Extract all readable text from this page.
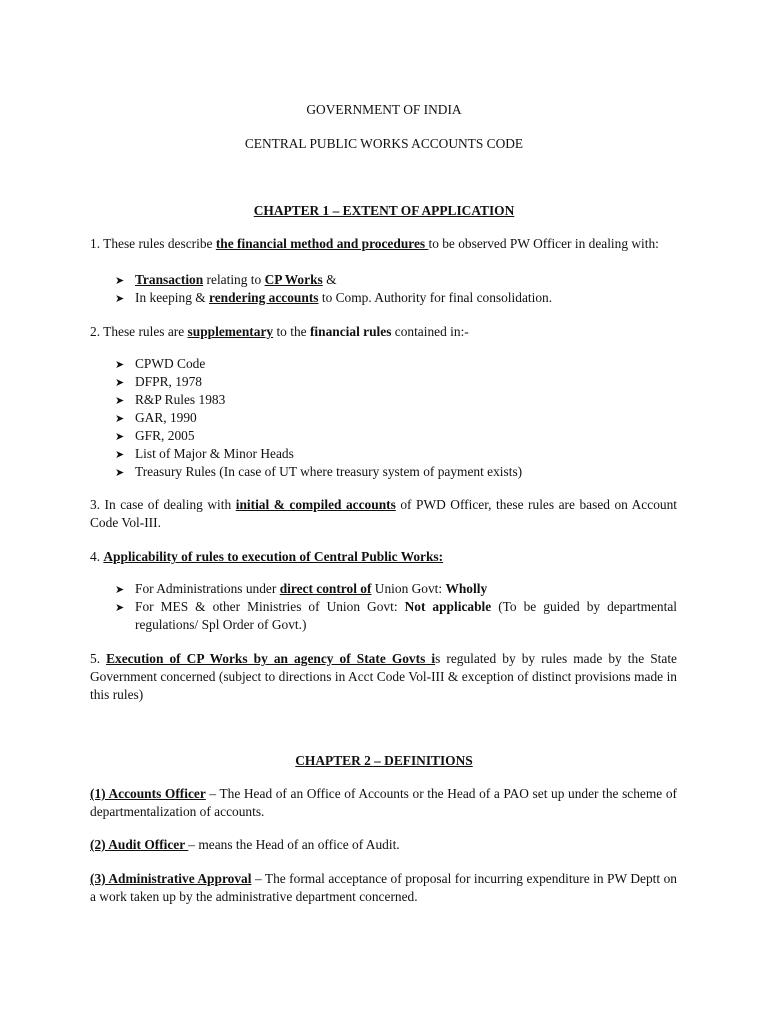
GOVERNMENT OF INDIA
CENTRAL PUBLIC WORKS ACCOUNTS CODE
CHAPTER 1 – EXTENT OF APPLICATION
1. These rules describe the financial method and procedures to be observed PW Officer in dealing with:
➤ Transaction relating to CP Works &
➤ In keeping & rendering accounts to Comp. Authority for final consolidation.
2. These rules are supplementary to the financial rules contained in:-
➤ CPWD Code
➤ DFPR, 1978
➤ R&P Rules 1983
➤ GAR, 1990
➤ GFR, 2005
➤ List of Major & Minor Heads
➤ Treasury Rules (In case of UT where treasury system of payment exists)
3. In case of dealing with initial & compiled accounts of PWD Officer, these rules are based on Account Code Vol-III.
4. Applicability of rules to execution of Central Public Works:
➤ For Administrations under direct control of Union Govt: Wholly
➤ For MES & other Ministries of Union Govt: Not applicable (To be guided by departmental regulations/ Spl Order of Govt.)
5. Execution of CP Works by an agency of State Govts is regulated by by rules made by the State Government concerned (subject to directions in Acct Code Vol-III & exception of distinct provisions made in this rules)
CHAPTER 2 – DEFINITIONS
(1) Accounts Officer – The Head of an Office of Accounts or the Head of a PAO set up under the scheme of departmentalization of accounts.
(2) Audit Officer – means the Head of an office of Audit.
(3) Administrative Approval – The formal acceptance of proposal for incurring expenditure in PW Deptt on a work taken up by the administrative department concerned.
